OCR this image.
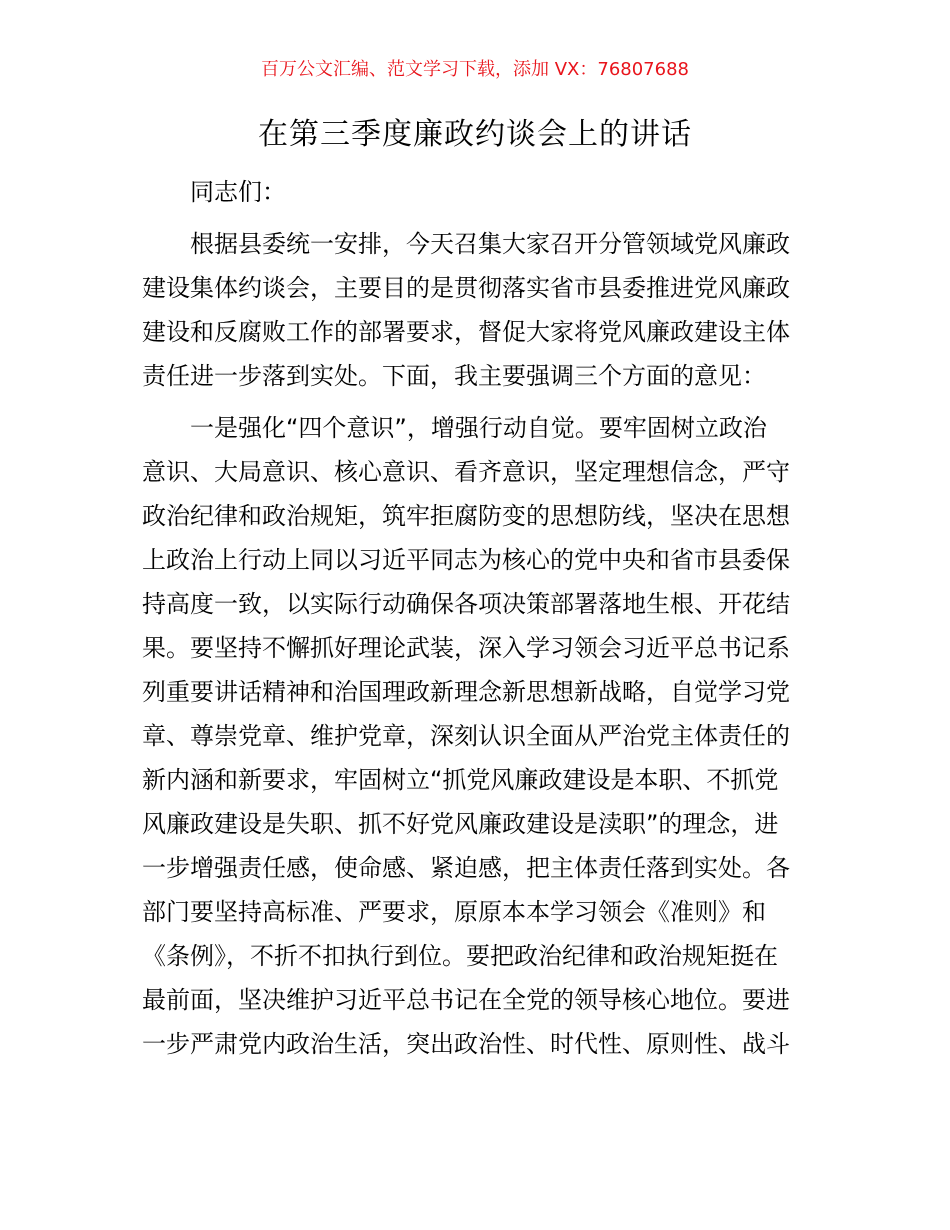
百万公文汇编、范文学习下载，添加 VX：76807688
在第三季度廉政约谈会上的讲话
同志们：
根据县委统一安排，今天召集大家召开分管领域党风廉政
建设集体约谈会，主要目的是贯彻落实省市县委推进党风廉政
建设和反腐败工作的部署要求，督促大家将党风廉政建设主体
责任进一步落到实处。下面，我主要强调三个方面的意见：
一是强化“四个意识”，增强行动自觉。要牢固树立政治
意识、大局意识、核心意识、看齐意识，坚定理想信念，严守
政治纪律和政治规矩，筑牢拒腐防变的思想防线，坚决在思想
上政治上行动上同以习近平同志为核心的党中央和省市县委保
持高度一致，以实际行动确保各项决策部署落地生根、开花结
果。要坚持不懈抓好理论武装，深入学习领会习近平总书记系
列重要讲话精神和治国理政新理念新思想新战略，自觉学习党
章、尊崇党章、维护党章，深刻认识全面从严治党主体责任的
新内涵和新要求，牢固树立“抓党风廉政建设是本职、不抓党
风廉政建设是失职、抓不好党风廉政建设是渎职”的理念，进
一步增强责任感，使命感、紧迫感，把主体责任落到实处。各
部门要坚持高标准、严要求，原原本本学习领会《准则》和
《条例》，不折不扣执行到位。要把政治纪律和政治规矩挺在
最前面，坚决维护习近平总书记在全党的领导核心地位。要进
一步严肃党内政治生活，突出政治性、时代性、原则性、战斗
